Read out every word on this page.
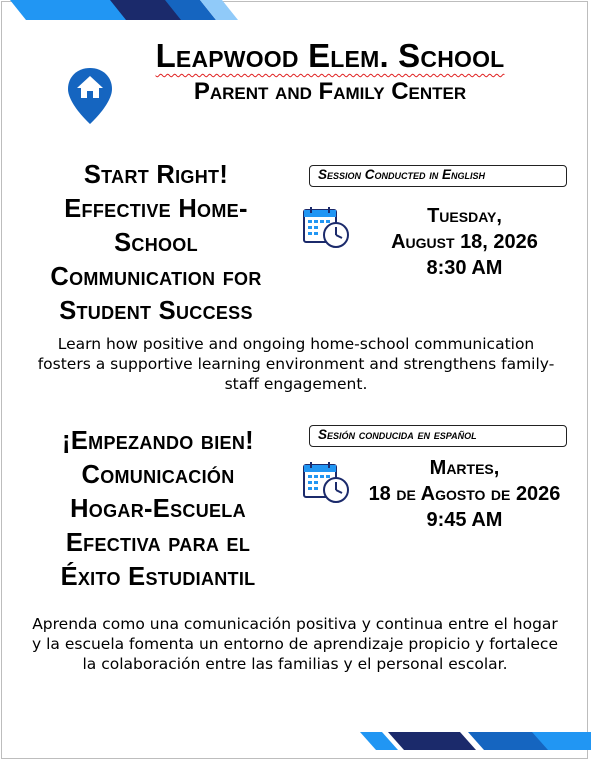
Leapwood Elem. School
Parent and Family Center
Start Right!
Effective Home-
School
Communication for
Student Success
Session Conducted in English
Tuesday,
August 18, 2026
8:30 AM
Learn how positive and ongoing home-school communication fosters a supportive learning environment and strengthens family-staff engagement.
¡Empezando bien!
Comunicación
Hogar-Escuela
Efectiva para el
Éxito Estudiantil
Sesión conducida en español
Martes,
18 de Agosto de 2026
9:45 AM
Aprenda como una comunicación positiva y continua entre el hogar y la escuela fomenta un entorno de aprendizaje propicio y fortalece la colaboración entre las familias y el personal escolar.
